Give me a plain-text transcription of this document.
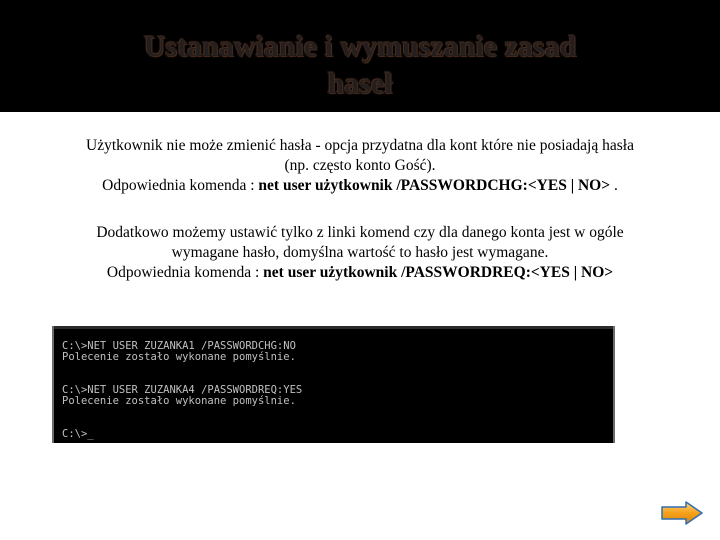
Ustanawianie i wymuszanie zasad
haseł
Użytkownik nie może zmienić hasła - opcja przydatna dla kont które nie posiadają hasła
(np. często konto Gość).
Odpowiednia komenda : net user użytkownik /PASSWORDCHG:<YES | NO> .
Dodatkowo możemy ustawić tylko z linki komend czy dla danego konta jest w ogóle
wymagane hasło, domyślna wartość to hasło jest wymagane.
Odpowiednia komenda : net user użytkownik /PASSWORDREQ:<YES | NO>
C:\>NET USER ZUZANKA1 /PASSWORDCHG:NO
Polecenie zostało wykonane pomyślnie.
C:\>NET USER ZUZANKA4 /PASSWORDREQ:YES
Polecenie zostało wykonane pomyślnie.
C:\>_
